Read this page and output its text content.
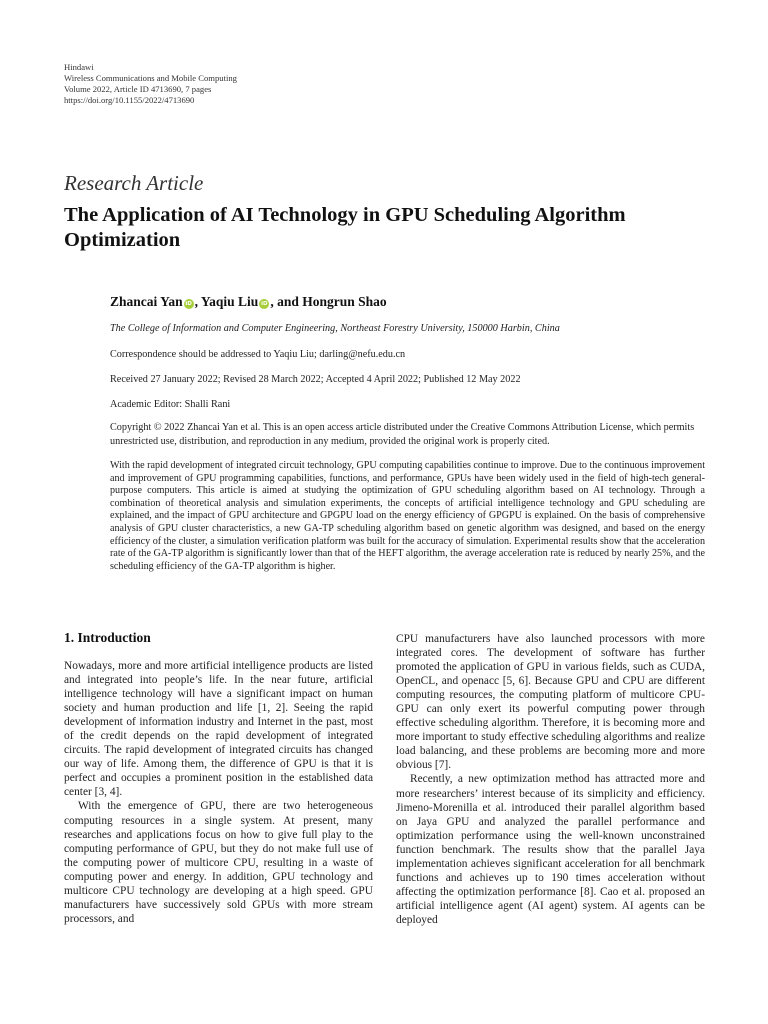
Hindawi
Wireless Communications and Mobile Computing
Volume 2022, Article ID 4713690, 7 pages
https://doi.org/10.1155/2022/4713690
Research Article
The Application of AI Technology in GPU Scheduling Algorithm Optimization
Zhancai Yan iD , Yaqiu Liu iD , and Hongrun Shao
The College of Information and Computer Engineering, Northeast Forestry University, 150000 Harbin, China
Correspondence should be addressed to Yaqiu Liu; darling@nefu.edu.cn
Received 27 January 2022; Revised 28 March 2022; Accepted 4 April 2022; Published 12 May 2022
Academic Editor: Shalli Rani
Copyright © 2022 Zhancai Yan et al. This is an open access article distributed under the Creative Commons Attribution License, which permits unrestricted use, distribution, and reproduction in any medium, provided the original work is properly cited.
With the rapid development of integrated circuit technology, GPU computing capabilities continue to improve. Due to the continuous improvement and improvement of GPU programming capabilities, functions, and performance, GPUs have been widely used in the field of high-tech general-purpose computers. This article is aimed at studying the optimization of GPU scheduling algorithm based on AI technology. Through a combination of theoretical analysis and simulation experiments, the concepts of artificial intelligence technology and GPU scheduling are explained, and the impact of GPU architecture and GPGPU load on the energy efficiency of GPGPU is explained. On the basis of comprehensive analysis of GPU cluster characteristics, a new GA-TP scheduling algorithm based on genetic algorithm was designed, and based on the energy efficiency of the cluster, a simulation verification platform was built for the accuracy of simulation. Experimental results show that the acceleration rate of the GA-TP algorithm is significantly lower than that of the HEFT algorithm, the average acceleration rate is reduced by nearly 25%, and the scheduling efficiency of the GA-TP algorithm is higher.
1. Introduction

Nowadays, more and more artificial intelligence products are listed and integrated into people’s life. In the near future, artificial intelligence technology will have a significant impact on human society and human production and life [1, 2]. Seeing the rapid development of information industry and Internet in the past, most of the credit depends on the rapid development of integrated circuits. The rapid development of integrated circuits has changed our way of life. Among them, the difference of GPU is that it is perfect and occupies a prominent position in the established data center [3, 4].

With the emergence of GPU, there are two heterogeneous computing resources in a single system. At present, many researches and applications focus on how to give full play to the computing performance of GPU, but they do not make full use of the computing power of multicore CPU, resulting in a waste of computing power and energy. In addition, GPU technology and multicore CPU technology are developing at a high speed. GPU manufacturers have successively sold GPUs with more stream processors, and

CPU manufacturers have also launched processors with more integrated cores. The development of software has further promoted the application of GPU in various fields, such as CUDA, OpenCL, and openacc [5, 6]. Because GPU and CPU are different computing resources, the computing platform of multicore CPU-GPU can only exert its powerful computing power through effective scheduling algorithm. Therefore, it is becoming more and more important to study effective scheduling algorithms and realize load balancing, and these problems are becoming more and more obvious [7].

Recently, a new optimization method has attracted more and more researchers’ interest because of its simplicity and efficiency. Jimeno-Morenilla et al. introduced their parallel algorithm based on Jaya GPU and analyzed the parallel performance and optimization performance using the well-known unconstrained function benchmark. The results show that the parallel Jaya implementation achieves significant acceleration for all benchmark functions and achieves up to 190 times acceleration without affecting the optimization performance [8]. Cao et al. proposed an artificial intelligence agent (AI agent) system. AI agents can be deployed
